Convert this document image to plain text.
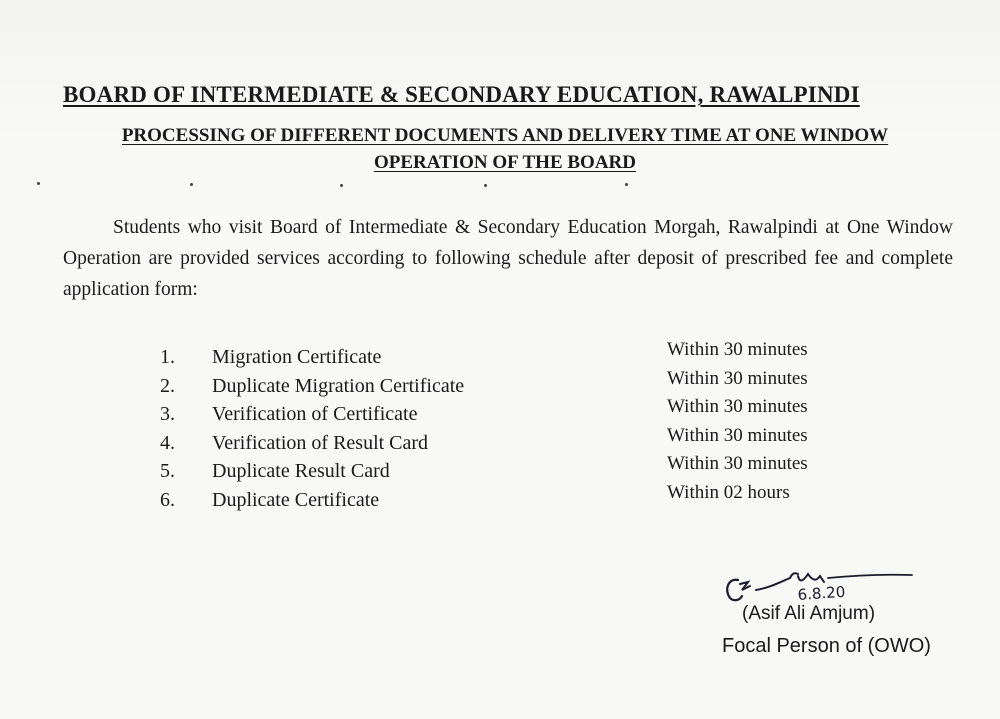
BOARD OF INTERMEDIATE & SECONDARY EDUCATION, RAWALPINDI
PROCESSING OF DIFFERENT DOCUMENTS AND DELIVERY TIME AT ONE WINDOW
OPERATION OF THE BOARD
Students who visit Board of Intermediate & Secondary Education Morgah, Rawalpindi at One Window Operation are provided services according to following schedule after deposit of prescribed fee and complete application form:
1. Migration Certificate	Within 30 minutes
2. Duplicate Migration Certificate	Within 30 minutes
3. Verification of Certificate	Within 30 minutes
4. Verification of Result Card	Within 30 minutes
5. Duplicate Result Card	Within 30 minutes
6. Duplicate Certificate	Within 02 hours
6.8.20
(Asif Ali Amjum)
Focal Person of (OWO)
